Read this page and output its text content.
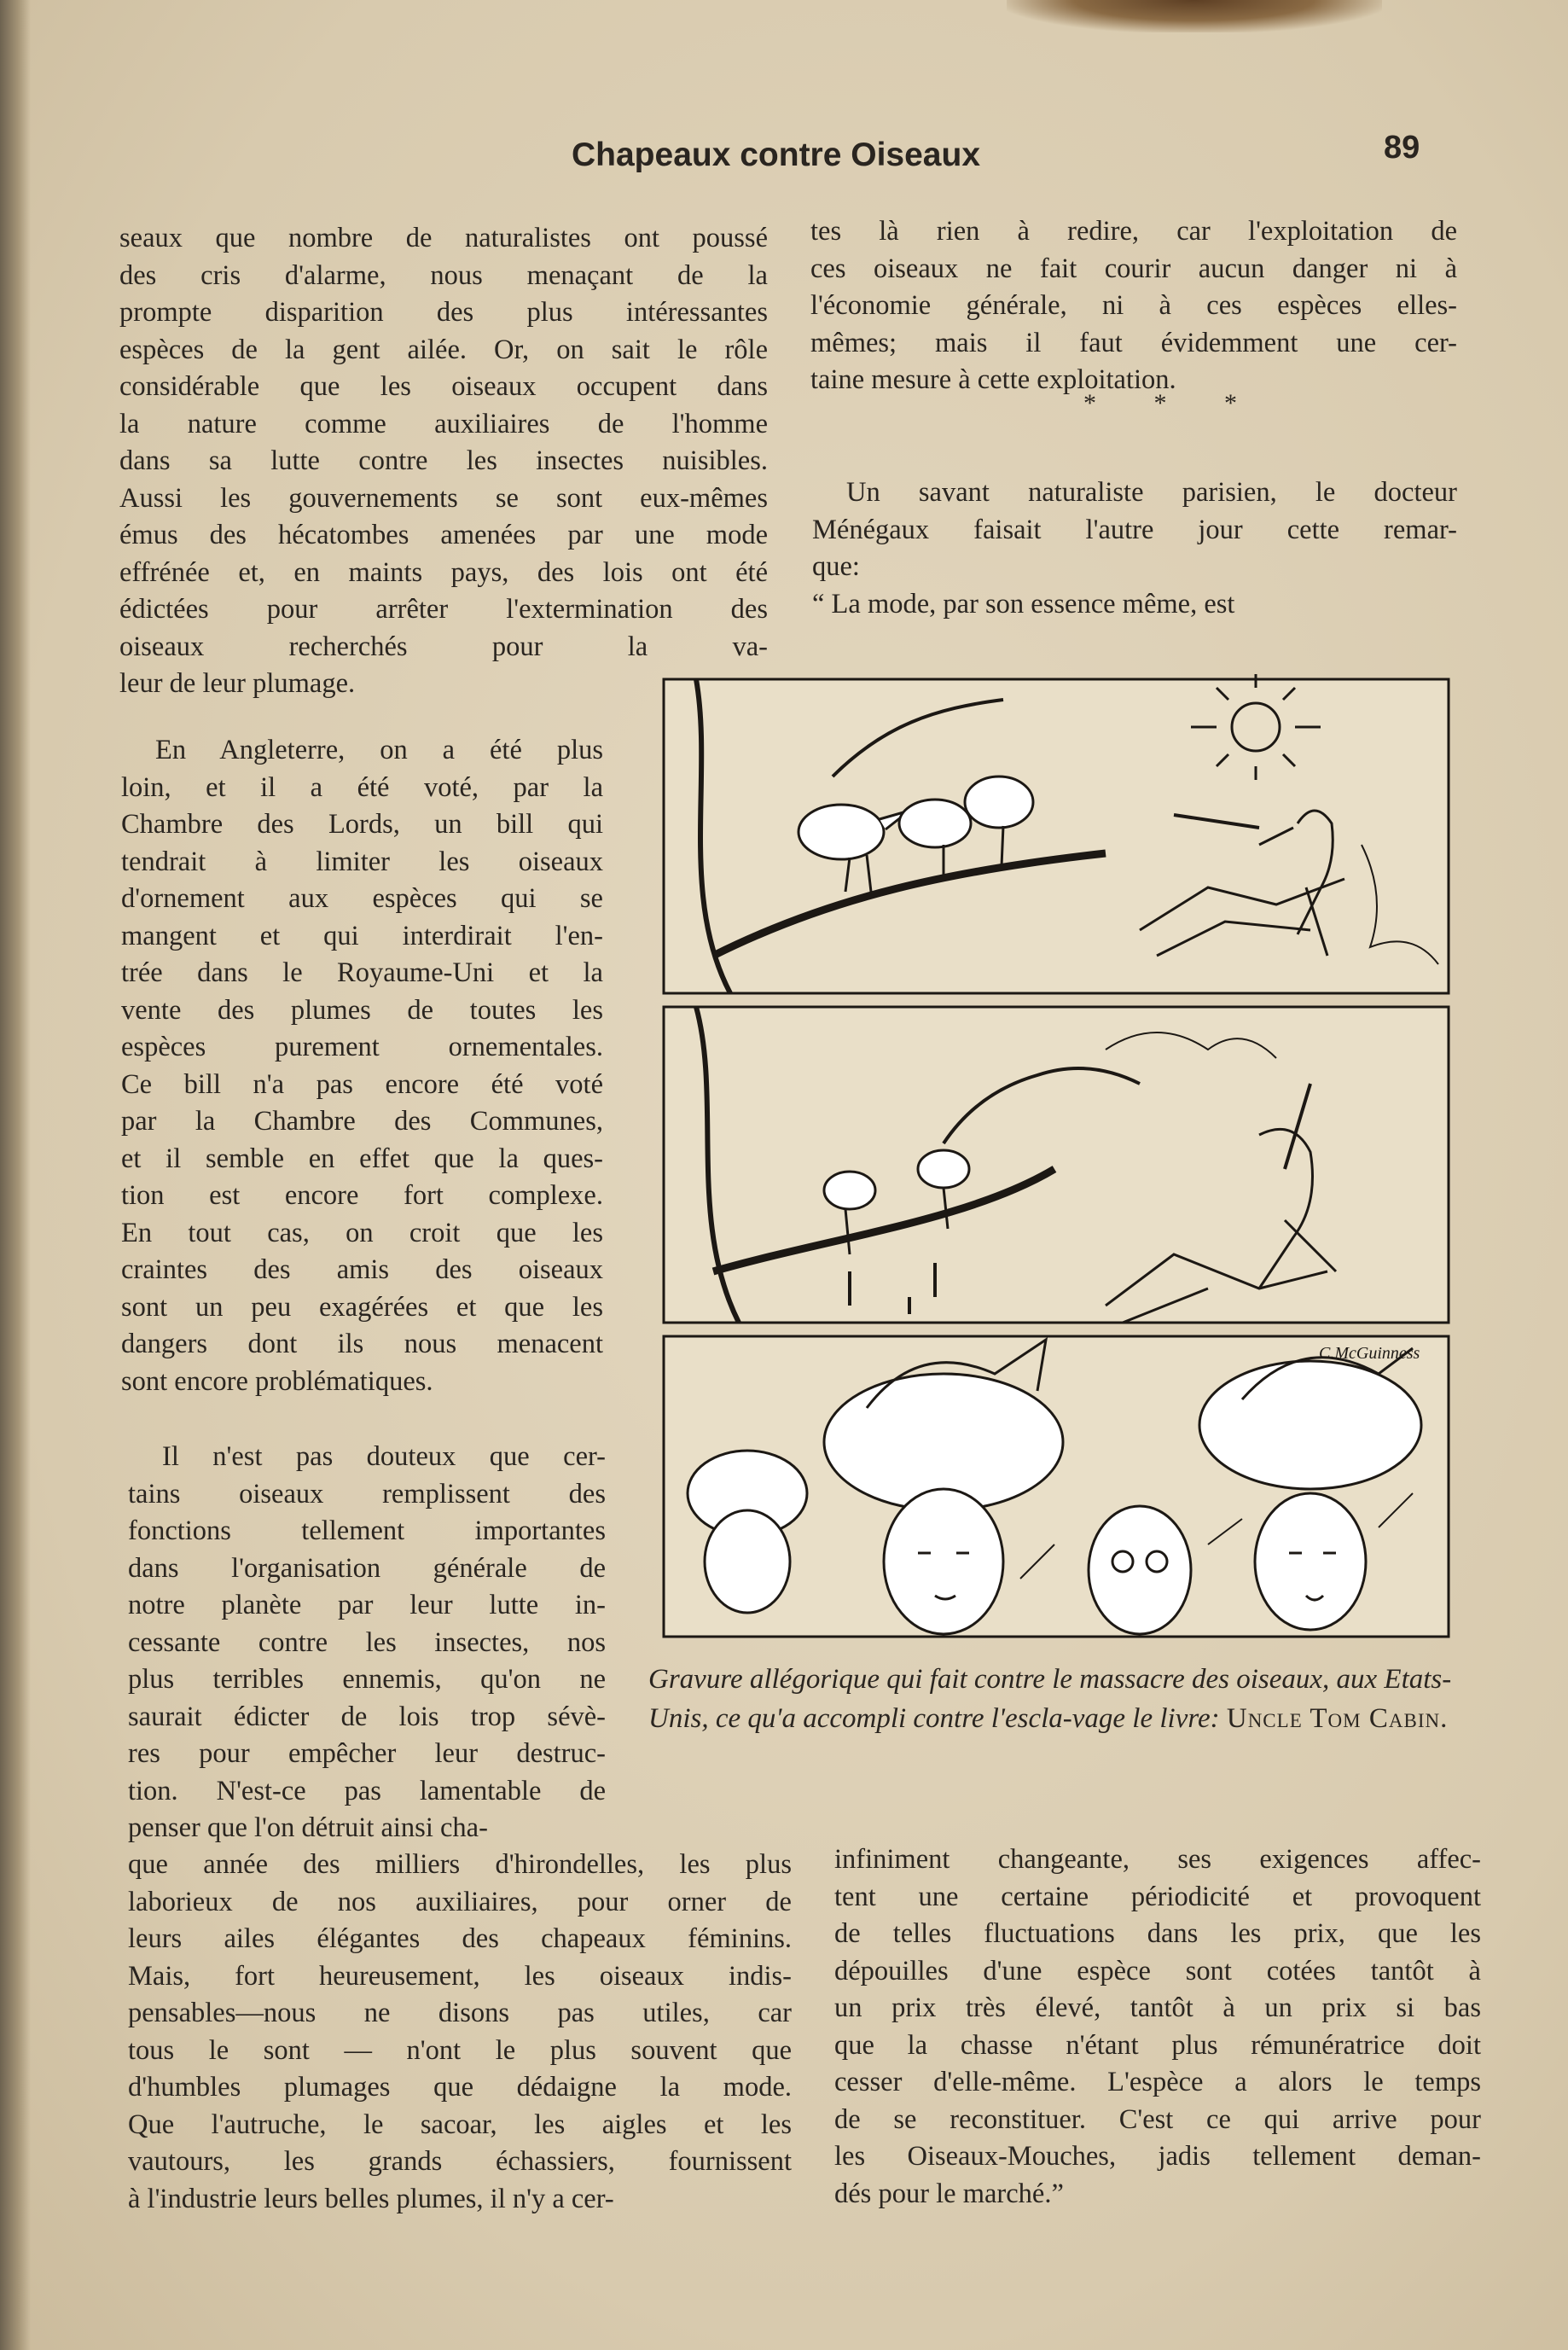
Chapeaux contre Oiseaux	89
seaux que nombre de naturalistes ont poussé
des cris d'alarme, nous menaçant de la
prompte disparition des plus intéressantes
espèces de la gent ailée. Or, on sait le rôle
considérable que les oiseaux occupent dans
la nature comme auxiliaires de l'homme
dans sa lutte contre les insectes nuisibles.
Aussi les gouvernements se sont eux-mêmes
émus des hécatombes amenées par une mode
effrénée et, en maints pays, des lois ont été
édictées pour arrêter l'extermination des
oiseaux recherchés pour la va-
leur de leur plumage.
En Angleterre, on a été plus
loin, et il a été voté, par la
Chambre des Lords, un bill qui
tendrait à limiter les oiseaux
d'ornement aux espèces qui se
mangent et qui interdirait l'en-
trée dans le Royaume-Uni et la
vente des plumes de toutes les
espèces purement ornementales.
Ce bill n'a pas encore été voté
par la Chambre des Communes,
et il semble en effet que la ques-
tion est encore fort complexe.
En tout cas, on croit que les
craintes des amis des oiseaux
sont un peu exagérées et que les
dangers dont ils nous menacent
sont encore problématiques.
Il n'est pas douteux que cer-
tains oiseaux remplissent des
fonctions tellement importantes
dans l'organisation générale de
notre planète par leur lutte in-
cessante contre les insectes, nos
plus terribles ennemis, qu'on ne
saurait édicter de lois trop sévè-
res pour empêcher leur destruc-
tion. N'est-ce pas lamentable de
penser que l'on détruit ainsi cha-
que année des milliers d'hirondelles, les plus
laborieux de nos auxiliaires, pour orner de
leurs ailes élégantes des chapeaux féminins.
Mais, fort heureusement, les oiseaux indis-
pensables—nous ne disons pas utiles, car
tous le sont — n'ont le plus souvent que
d'humbles plumages que dédaigne la mode.
Que l'autruche, le sacoar, les aigles et les
vautours, les grands échassiers, fournissent
à l'industrie leurs belles plumes, il n'y a cer-
tes là rien à redire, car l'exploitation de
ces oiseaux ne fait courir aucun danger ni à
l'économie générale, ni à ces espèces elles-
mêmes; mais il faut évidemment une cer-
taine mesure à cette exploitation.
* * *
Un savant naturaliste parisien, le docteur
Ménégaux faisait l'autre jour cette remar-
que:
“ La mode, par son essence même, est
infiniment changeante, ses exigences affec-
tent une certaine périodicité et provoquent
de telles fluctuations dans les prix, que les
dépouilles d'une espèce sont cotées tantôt à
un prix très élevé, tantôt à un prix si bas
que la chasse n'étant plus rémunératrice doit
cesser d'elle-même. L'espèce a alors le temps
de se reconstituer. C'est ce qui arrive pour
les Oiseaux-Mouches, jadis tellement deman-
dés pour le marché.”
C.McGuinness
Gravure allégorique qui fait contre le massacre des oiseaux, aux Etats-Unis, ce qu'a accompli contre l'escla-vage le livre: Uncle Tom Cabin.
